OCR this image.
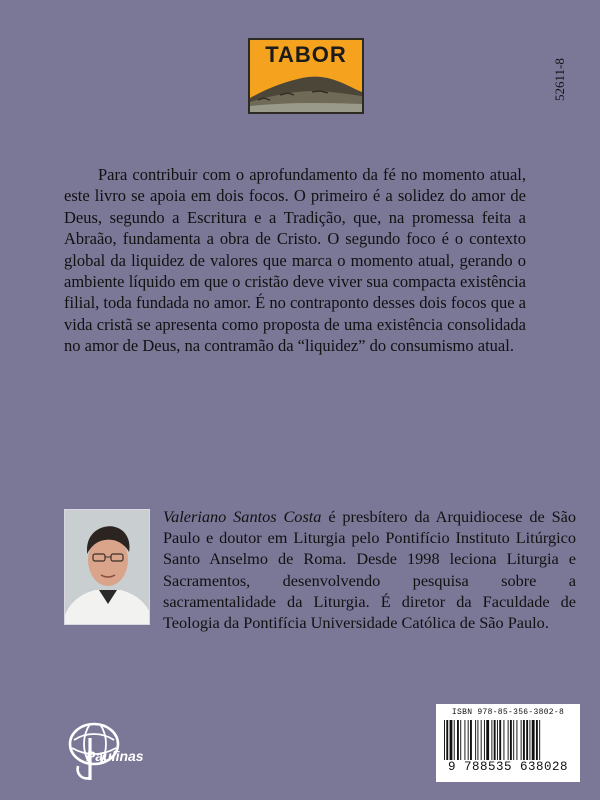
TABOR
52611-8

Para contribuir com o aprofundamento da fé no momento atual, este livro se apoia em dois focos. O primeiro é a solidez do amor de Deus, segundo a Escritura e a Tradição, que, na promessa feita a Abraão, fundamenta a obra de Cristo. O segundo foco é o contexto global da liquidez de valores que marca o momento atual, gerando o ambiente líquido em que o cristão deve viver sua compacta existência filial, toda fundada no amor. É no contraponto desses dois focos que a vida cristã se apresenta como proposta de uma existência consolidada no amor de Deus, na contramão da “liquidez” do consumismo atual.

Valeriano Santos Costa é presbítero da Arquidiocese de São Paulo e doutor em Liturgia pelo Pontifício Instituto Litúrgico Santo Anselmo de Roma. Desde 1998 leciona Liturgia e Sacramentos, desenvolvendo pesquisa sobre a sacramentalidade da Liturgia. É diretor da Faculdade de Teologia da Pontifícia Universidade Católica de São Paulo.

Paulinas
ISBN 978-85-356-3802-8
9 788535 638028
